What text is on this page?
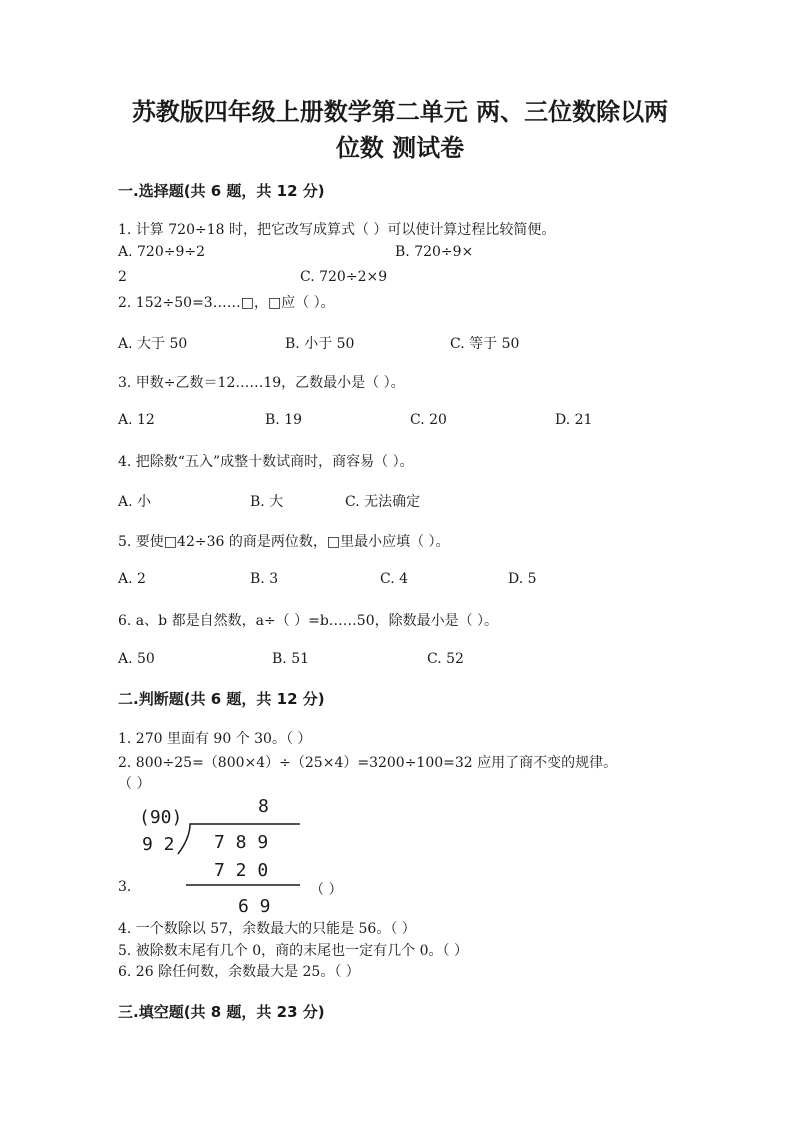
苏教版四年级上册数学第二单元 两、三位数除以两
位数 测试卷
一.选择题(共 6 题，共 12 分)
1. 计算 720÷18 时，把它改写成算式（ ）可以使计算过程比较简便。
A. 720÷9÷2	B. 720÷9×
2	C. 720÷2×9
2. 152÷50=3……□，□应（ ）。
A. 大于 50	B. 小于 50	C. 等于 50
3. 甲数÷乙数＝12……19，乙数最小是（ ）。
A. 12	B. 19	C. 20	D. 21
4. 把除数“五入”成整十数试商时，商容易（ ）。
A. 小	B. 大	C. 无法确定
5. 要使□42÷36 的商是两位数，□里最小应填（ ）。
A. 2	B. 3	C. 4	D. 5
6. a、b 都是自然数，a÷（ ）=b……50，除数最小是（ ）。
A. 50	B. 51	C. 52
二.判断题(共 6 题，共 12 分)
1. 270 里面有 90 个 30。（ ）
2. 800÷25=（800×4）÷（25×4）=3200÷100=32 应用了商不变的规律。
（ ）
3.
(90)
8
9 2 7 8 9
7 2 0
6 9
（ ）
4. 一个数除以 57，余数最大的只能是 56。（ ）
5. 被除数末尾有几个 0，商的末尾也一定有几个 0。（ ）
6. 26 除任何数，余数最大是 25。（ ）
三.填空题(共 8 题，共 23 分)
